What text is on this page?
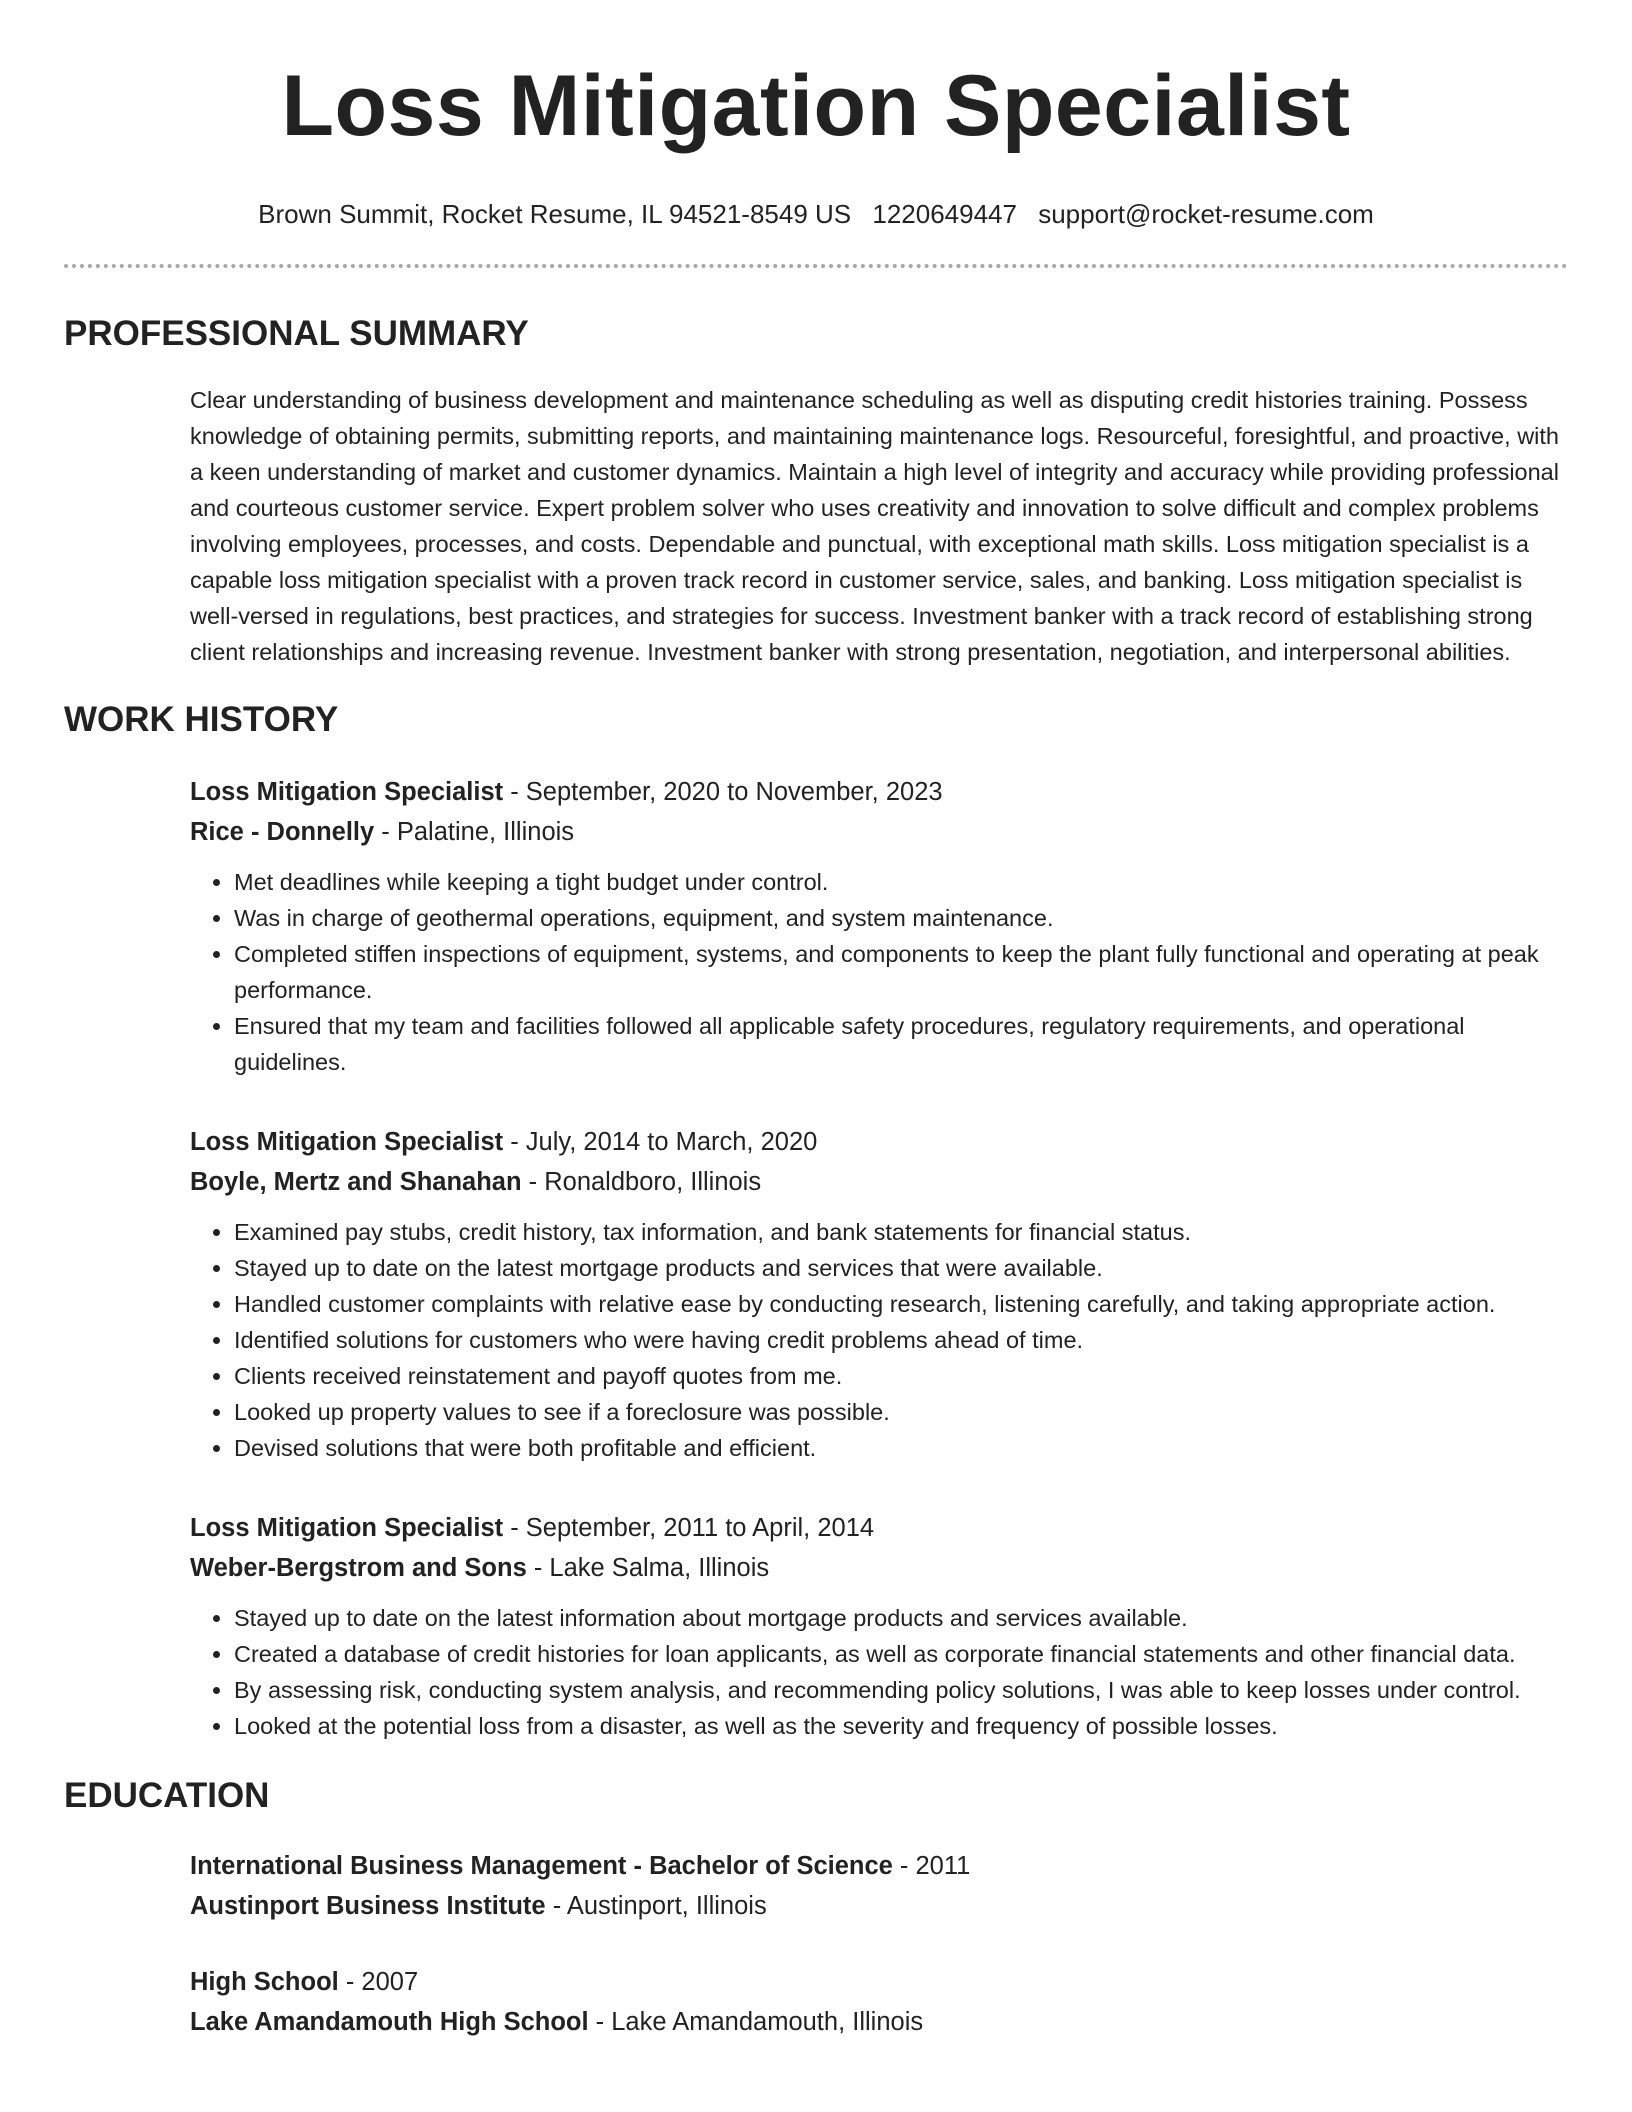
Loss Mitigation Specialist
Brown Summit, Rocket Resume, IL 94521-8549 US 1220649447 support@rocket-resume.com
PROFESSIONAL SUMMARY

Clear understanding of business development and maintenance scheduling as well as disputing credit histories training. Possess knowledge of obtaining permits, submitting reports, and maintaining maintenance logs. Resourceful, foresightful, and proactive, with a keen understanding of market and customer dynamics. Maintain a high level of integrity and accuracy while providing professional and courteous customer service. Expert problem solver who uses creativity and innovation to solve difficult and complex problems involving employees, processes, and costs. Dependable and punctual, with exceptional math skills. Loss mitigation specialist is a capable loss mitigation specialist with a proven track record in customer service, sales, and banking. Loss mitigation specialist is well-versed in regulations, best practices, and strategies for success. Investment banker with a track record of establishing strong client relationships and increasing revenue. Investment banker with strong presentation, negotiation, and interpersonal abilities.

WORK HISTORY
Loss Mitigation Specialist - September, 2020 to November, 2023
Rice - Donnelly - Palatine, Illinois
• Met deadlines while keeping a tight budget under control.
• Was in charge of geothermal operations, equipment, and system maintenance.
• Completed stiffen inspections of equipment, systems, and components to keep the plant fully functional and operating at peak performance.
• Ensured that my team and facilities followed all applicable safety procedures, regulatory requirements, and operational guidelines.
Loss Mitigation Specialist - July, 2014 to March, 2020
Boyle, Mertz and Shanahan - Ronaldboro, Illinois
• Examined pay stubs, credit history, tax information, and bank statements for financial status.
• Stayed up to date on the latest mortgage products and services that were available.
• Handled customer complaints with relative ease by conducting research, listening carefully, and taking appropriate action.
• Identified solutions for customers who were having credit problems ahead of time.
• Clients received reinstatement and payoff quotes from me.
• Looked up property values to see if a foreclosure was possible.
• Devised solutions that were both profitable and efficient.
Loss Mitigation Specialist - September, 2011 to April, 2014
Weber-Bergstrom and Sons - Lake Salma, Illinois
• Stayed up to date on the latest information about mortgage products and services available.
• Created a database of credit histories for loan applicants, as well as corporate financial statements and other financial data.
• By assessing risk, conducting system analysis, and recommending policy solutions, I was able to keep losses under control.
• Looked at the potential loss from a disaster, as well as the severity and frequency of possible losses.
EDUCATION
International Business Management - Bachelor of Science - 2011
Austinport Business Institute - Austinport, Illinois
High School - 2007
Lake Amandamouth High School - Lake Amandamouth, Illinois
